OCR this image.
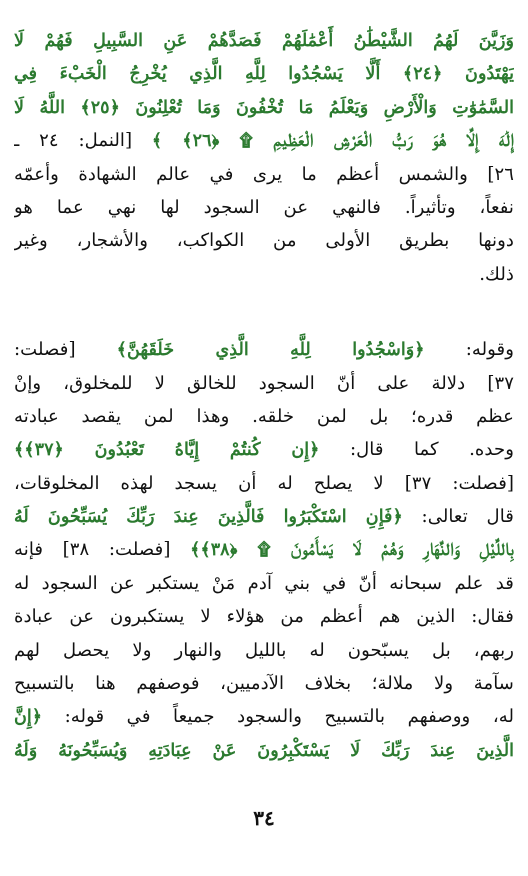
وَزَيَّنَ لَهُمُ الشَّيْطَٰنُ أَعْمَٰلَهُمْ فَصَدَّهُمْ عَنِ السَّبِيلِ فَهُمْ لَا
يَهْتَدُونَ ﴿٢٤﴾ أَلَّا يَسْجُدُوا لِلَّهِ الَّذِي يُخْرِجُ الْخَبْءَ فِي
السَّمَٰوَٰتِ وَالْأَرْضِ وَيَعْلَمُ مَا تُخْفُونَ وَمَا تُعْلِنُونَ ﴿٢٥﴾ اللَّهُ لَا
إِلَٰهَ إِلَّا هُوَ رَبُّ الْعَرْشِ الْعَظِيمِ ۩ ﴿٢٦﴾ ﴾ [النمل: ٢٤ ـ
٢٦] والشمس أعظم ما يرى في عالم الشهادة وأعمّه
نفعاً، وتأثيراً. فالنهي عن السجود لها نهي عما هو
دونها بطريق الأولى من الكواكب، والأشجار، وغير
ذلك.
وقوله: ﴿وَاسْجُدُوا لِلَّهِ الَّذِي خَلَقَهُنَّ﴾ [فصلت:
٣٧] دلالة على أنّ السجود للخالق لا للمخلوق، وإنْ
عظم قدره؛ بل لمن خلقه. وهذا لمن يقصد عبادته
وحده. كما قال: ﴿إِن كُنتُمْ إِيَّاهُ تَعْبُدُونَ ﴿٣٧﴾﴾
[فصلت: ٣٧] لا يصلح له أن يسجد لهذه المخلوقات،
قال تعالى: ﴿فَإِنِ اسْتَكْبَرُوا فَالَّذِينَ عِندَ رَبِّكَ يُسَبِّحُونَ لَهُ
بِاللَّيْلِ وَالنَّهَارِ وَهُمْ لَا يَسْأَمُونَ ۩ ﴿٣٨﴾﴾ [فصلت: ٣٨] فإنه
قد علم سبحانه أنّ في بني آدم مَنْ يستكبر عن السجود له
فقال: الذين هم أعظم من هؤلاء لا يستكبرون عن عبادة
ربهم، بل يسبّحون له بالليل والنهار ولا يحصل لهم
سآمة ولا ملالة؛ بخلاف الآدميين، فوصفهم هنا بالتسبيح
له، ووصفهم بالتسبيح والسجود جميعاً في قوله: ﴿إِنَّ
الَّذِينَ عِندَ رَبِّكَ لَا يَسْتَكْبِرُونَ عَنْ عِبَادَتِهِ وَيُسَبِّحُونَهُ وَلَهُ
٣٤
